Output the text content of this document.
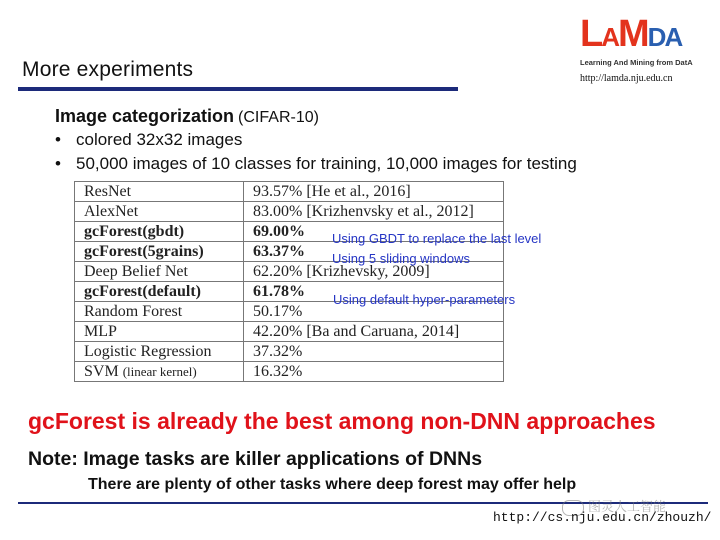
More experiments
LAMDA
Learning And Mining from DatA
http://lamda.nju.edu.cn
Image categorization (CIFAR-10)
• colored 32x32 images
• 50,000 images of 10 classes for training, 10,000 images for testing
ResNet	93.57% [He et al., 2016]
AlexNet	83.00% [Krizhenvsky et al., 2012]
gcForest(gbdt)	69.00%
gcForest(5grains)	63.37%
Deep Belief Net	62.20% [Krizhevsky, 2009]
gcForest(default)	61.78%
Random Forest	50.17%
MLP	42.20% [Ba and Caruana, 2014]
Logistic Regression	37.32%
SVM (linear kernel)	16.32%
Using GBDT to replace the last level
Using 5 sliding windows
Using default hyper-parameters
gcForest is already the best among non-DNN approaches
Note: Image tasks are killer applications of DNNs
There are plenty of other tasks where deep forest may offer help
图灵人工智能
http://cs.nju.edu.cn/zhouzh/
